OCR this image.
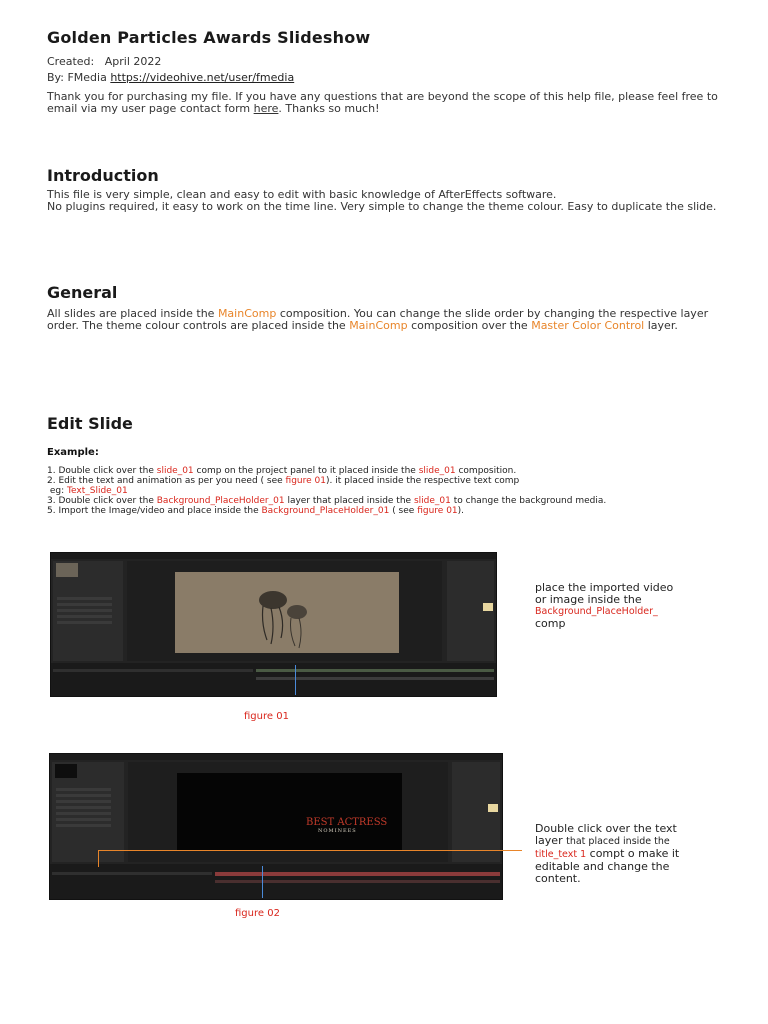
Golden Particles Awards Slideshow
Created: April 2022
By: FMedia https://videohive.net/user/fmedia
Thank you for purchasing my file. If you have any questions that are beyond the scope of this help file, please feel free to email via my user page contact form here. Thanks so much!
Introduction
This file is very simple, clean and easy to edit with basic knowledge of AfterEffects software.
No plugins required, it easy to work on the time line. Very simple to change the theme colour. Easy to duplicate the slide.
General
All slides are placed inside the MainComp composition. You can change the slide order by changing the respective layer order. The theme colour controls are placed inside the MainComp composition over the Master Color Control layer.
Edit Slide
Example:
1. Double click over the slide_01 comp on the project panel to it placed inside the slide_01 composition.
2. Edit the text and animation as per you need ( see figure 01). it placed inside the respective text comp
eg: Text_Slide_01
3. Double click over the Background_PlaceHolder_01 layer that placed inside the slide_01 to change the background media.
5. Import the Image/video and place inside the Background_PlaceHolder_01 ( see figure 01).
figure 01
place the imported video
or image inside the
Background_PlaceHolder_
comp
BEST ACTRESS
NOMINEES
figure 02
Double click over the text
layer that placed inside the
title_text 1 compt o make it
editable and change the
content.
